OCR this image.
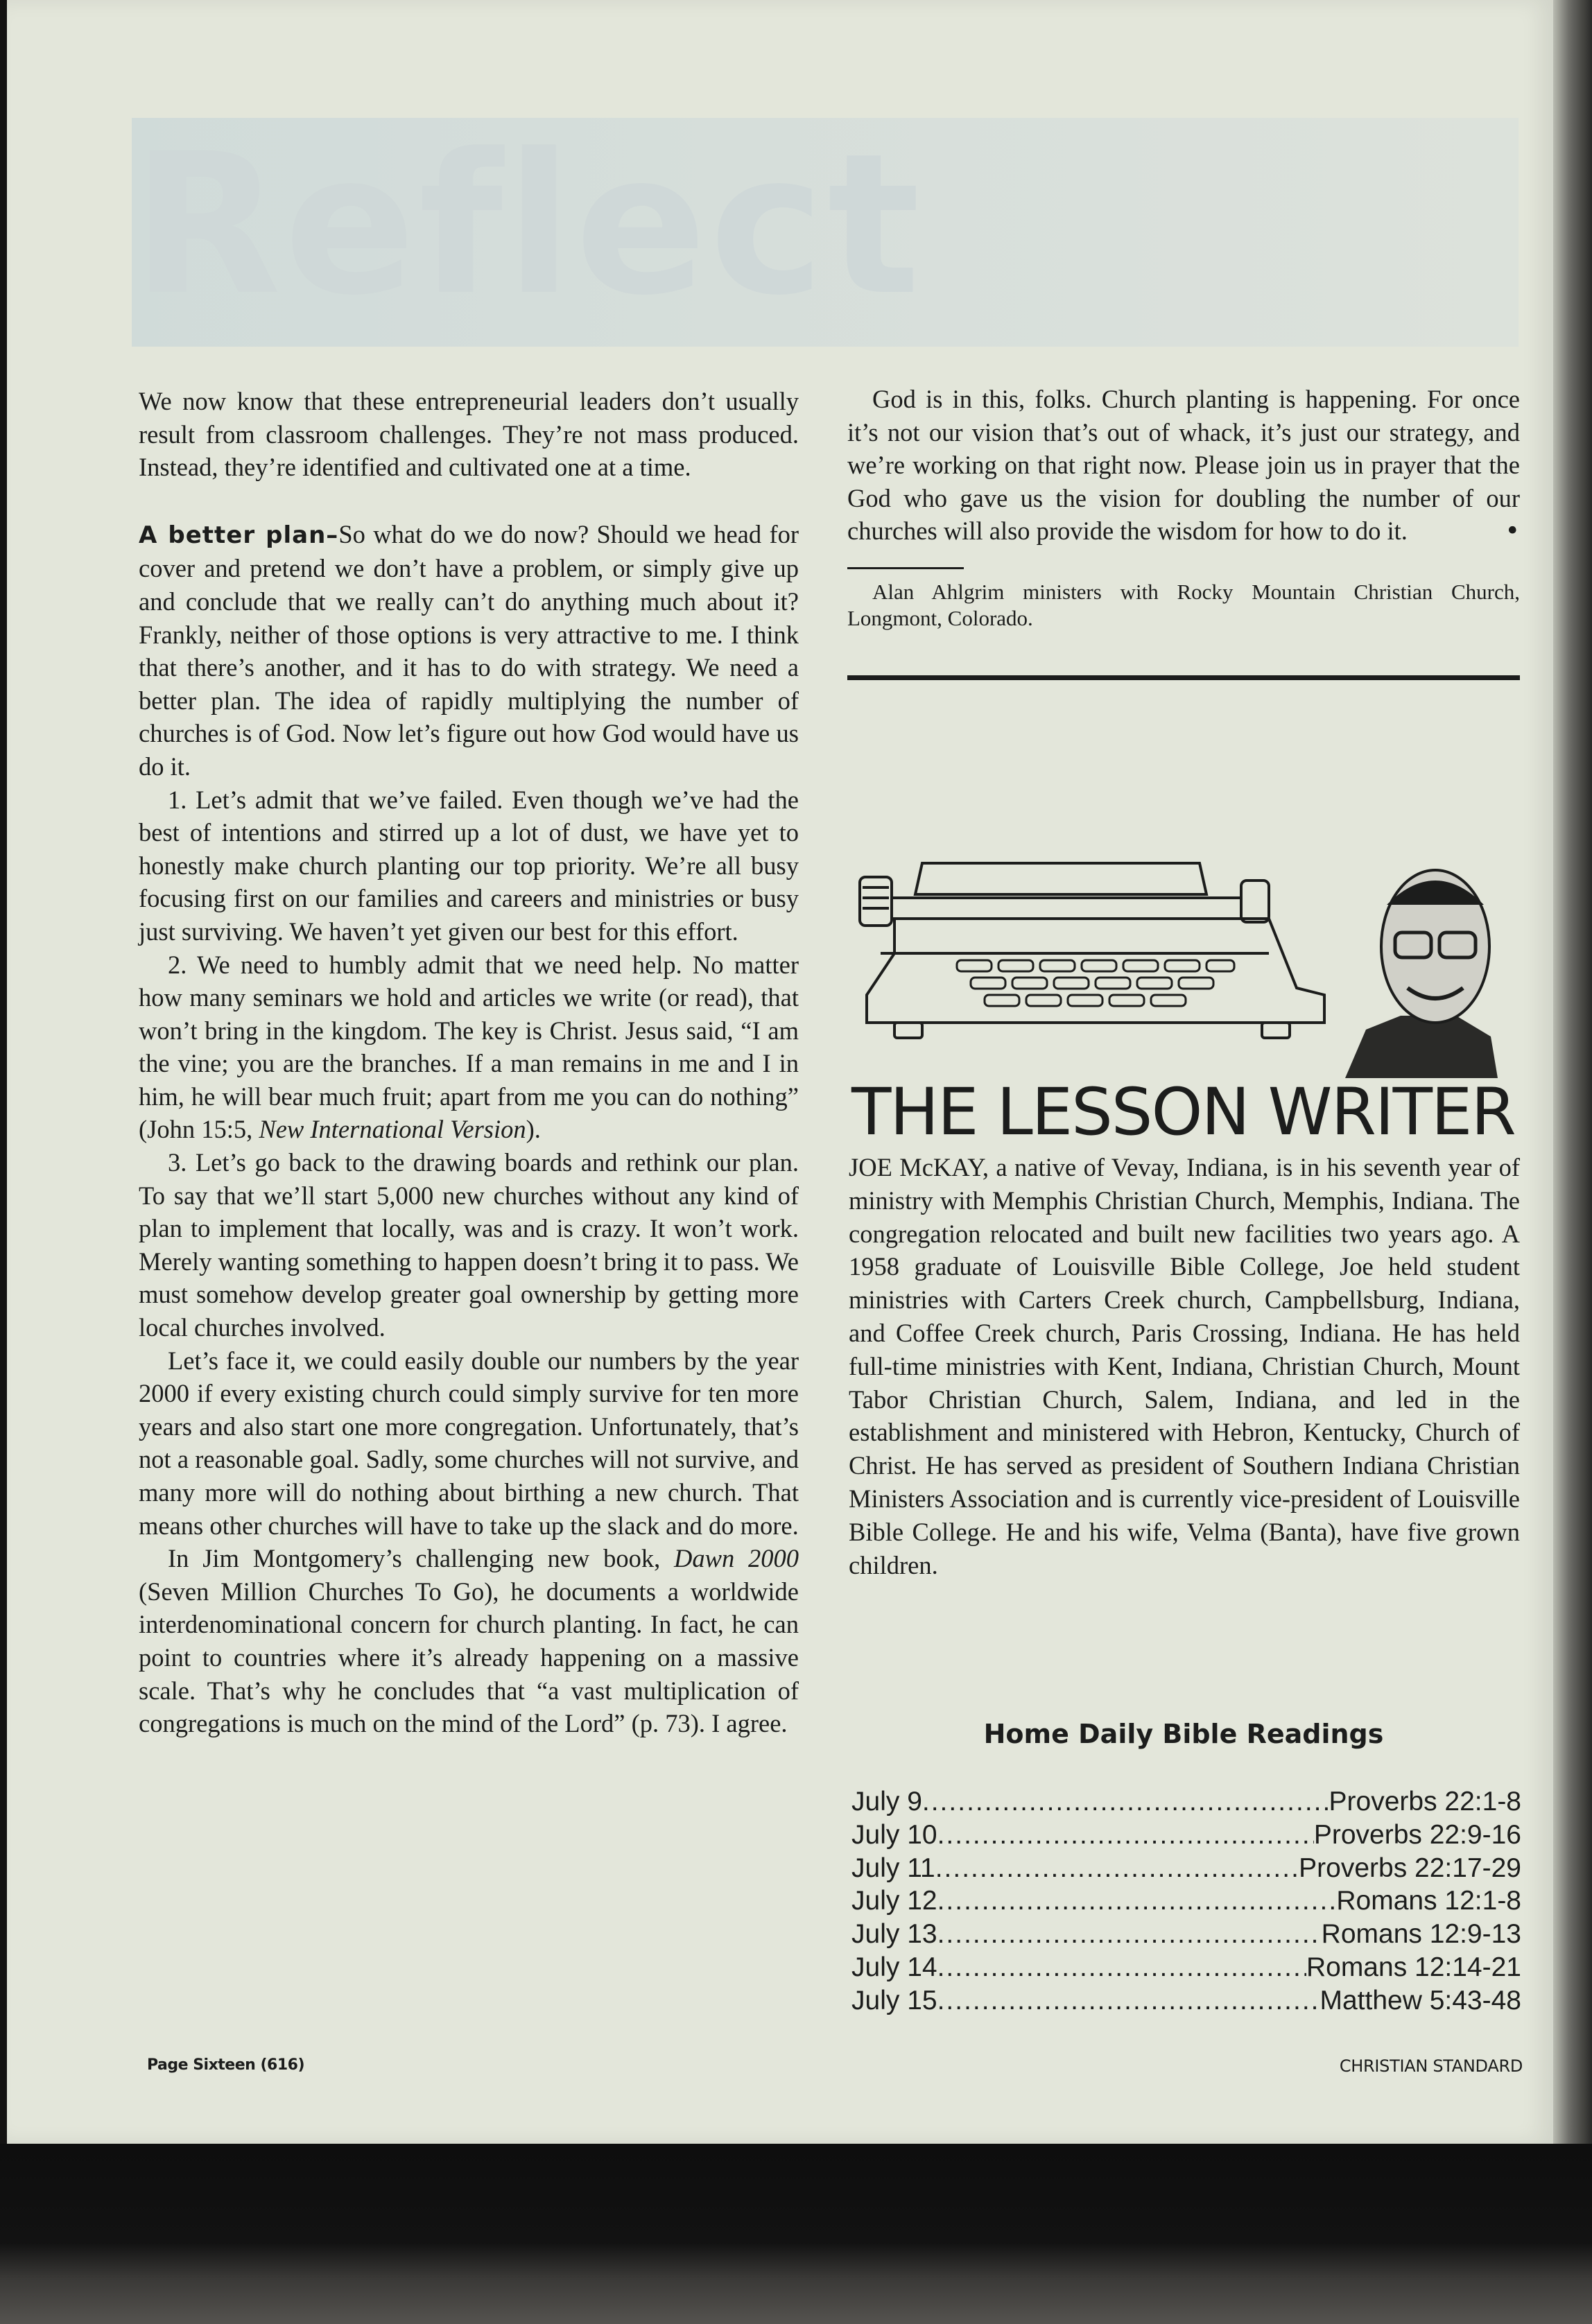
Reflect

We now know that these entrepreneurial leaders don’t usually result from classroom challenges. They’re not mass produced. Instead, they’re identified and cultivated one at a time.

A better plan–So what do we do now? Should we head for cover and pretend we don’t have a problem, or simply give up and conclude that we really can’t do anything much about it? Frankly, neither of those options is very attractive to me. I think that there’s another, and it has to do with strategy. We need a better plan. The idea of rapidly multiplying the number of churches is of God. Now let’s figure out how God would have us do it.

1. Let’s admit that we’ve failed. Even though we’ve had the best of intentions and stirred up a lot of dust, we have yet to honestly make church planting our top priority. We’re all busy focusing first on our families and careers and ministries or busy just surviving. We haven’t yet given our best for this effort.

2. We need to humbly admit that we need help. No matter how many seminars we hold and articles we write (or read), that won’t bring in the kingdom. The key is Christ. Jesus said, “I am the vine; you are the branches. If a man remains in me and I in him, he will bear much fruit; apart from me you can do nothing” (John 15:5, New International Version).

3. Let’s go back to the drawing boards and rethink our plan. To say that we’ll start 5,000 new churches without any kind of plan to implement that locally, was and is crazy. It won’t work. Merely wanting something to happen doesn’t bring it to pass. We must somehow develop greater goal ownership by getting more local churches involved.

Let’s face it, we could easily double our numbers by the year 2000 if every existing church could simply survive for ten more years and also start one more congregation. Unfortunately, that’s not a reasonable goal. Sadly, some churches will not survive, and many more will do nothing about birthing a new church. That means other churches will have to take up the slack and do more.

In Jim Montgomery’s challenging new book, Dawn 2000 (Seven Million Churches To Go), he documents a worldwide interdenominational concern for church planting. In fact, he can point to countries where it’s already happening on a massive scale. That’s why he concludes that “a vast multiplication of congregations is much on the mind of the Lord” (p. 73). I agree.

God is in this, folks. Church planting is happening. For once it’s not our vision that’s out of whack, it’s just our strategy, and we’re working on that right now. Please join us in prayer that the God who gave us the vision for doubling the number of our churches will also provide the wisdom for how to do it.	•

Alan Ahlgrim ministers with Rocky Mountain Christian Church, Longmont, Colorado.
THE LESSON WRITER

JOE McKAY, a native of Vevay, Indiana, is in his seventh year of ministry with Memphis Christian Church, Memphis, Indiana. The congregation relocated and built new facilities two years ago. A 1958 graduate of Louisville Bible College, Joe held student ministries with Carters Creek church, Campbellsburg, Indiana, and Coffee Creek church, Paris Crossing, Indiana. He has held full-time ministries with Kent, Indiana, Christian Church, Mount Tabor Christian Church, Salem, Indiana, and led in the establishment and ministered with Hebron, Kentucky, Church of Christ. He has served as president of Southern Indiana Christian Ministers Association and is currently vice-president of Louisville Bible College. He and his wife, Velma (Banta), have five grown children.

Home Daily Bible Readings
July 9 .....	Proverbs 22:1-8
July 10 .....	Proverbs 22:9-16
July 11 .....	Proverbs 22:17-29
July 12 .....	Romans 12:1-8
July 13 .....	Romans 12:9-13
July 14 .....	Romans 12:14-21
July 15 .....	Matthew 5:43-48
Page Sixteen (616)	CHRISTIAN STANDARD
